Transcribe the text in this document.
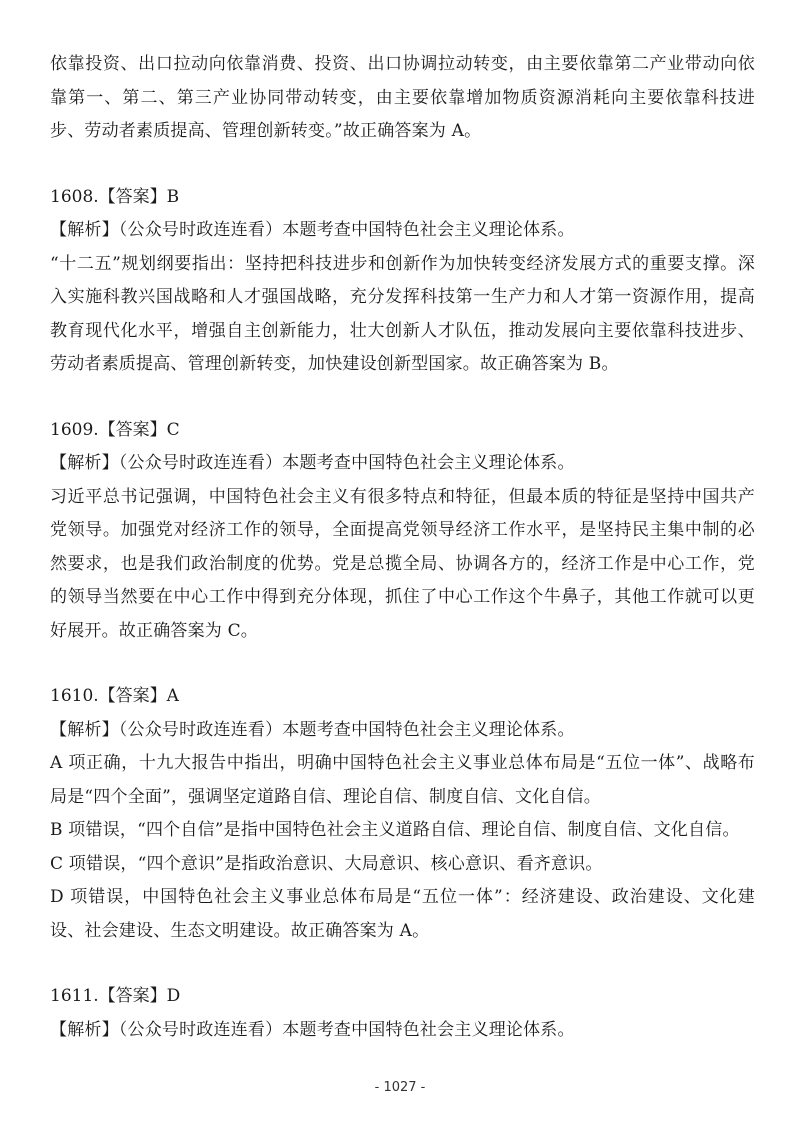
依靠投资、出口拉动向依靠消费、投资、出口协调拉动转变，由主要依靠第二产业带动向依靠第一、第二、第三产业协同带动转变，由主要依靠增加物质资源消耗向主要依靠科技进步、劳动者素质提高、管理创新转变。”故正确答案为 A。

1608.【答案】B

【解析】（公众号时政连连看）本题考查中国特色社会主义理论体系。

“十二五”规划纲要指出：坚持把科技进步和创新作为加快转变经济发展方式的重要支撑。深入实施科教兴国战略和人才强国战略，充分发挥科技第一生产力和人才第一资源作用，提高教育现代化水平，增强自主创新能力，壮大创新人才队伍，推动发展向主要依靠科技进步、劳动者素质提高、管理创新转变，加快建设创新型国家。故正确答案为 B。

1609.【答案】C

【解析】（公众号时政连连看）本题考查中国特色社会主义理论体系。

习近平总书记强调，中国特色社会主义有很多特点和特征，但最本质的特征是坚持中国共产党领导。加强党对经济工作的领导，全面提高党领导经济工作水平，是坚持民主集中制的必然要求，也是我们政治制度的优势。党是总揽全局、协调各方的，经济工作是中心工作，党的领导当然要在中心工作中得到充分体现，抓住了中心工作这个牛鼻子，其他工作就可以更好展开。故正确答案为 C。

1610.【答案】A

【解析】（公众号时政连连看）本题考查中国特色社会主义理论体系。

A 项正确，十九大报告中指出，明确中国特色社会主义事业总体布局是“五位一体”、战略布局是“四个全面”，强调坚定道路自信、理论自信、制度自信、文化自信。

B 项错误，“四个自信”是指中国特色社会主义道路自信、理论自信、制度自信、文化自信。

C 项错误，“四个意识”是指政治意识、大局意识、核心意识、看齐意识。

D 项错误，中国特色社会主义事业总体布局是“五位一体”：经济建设、政治建设、文化建设、社会建设、生态文明建设。故正确答案为 A。

1611.【答案】D

【解析】（公众号时政连连看）本题考查中国特色社会主义理论体系。

- 1027 -
